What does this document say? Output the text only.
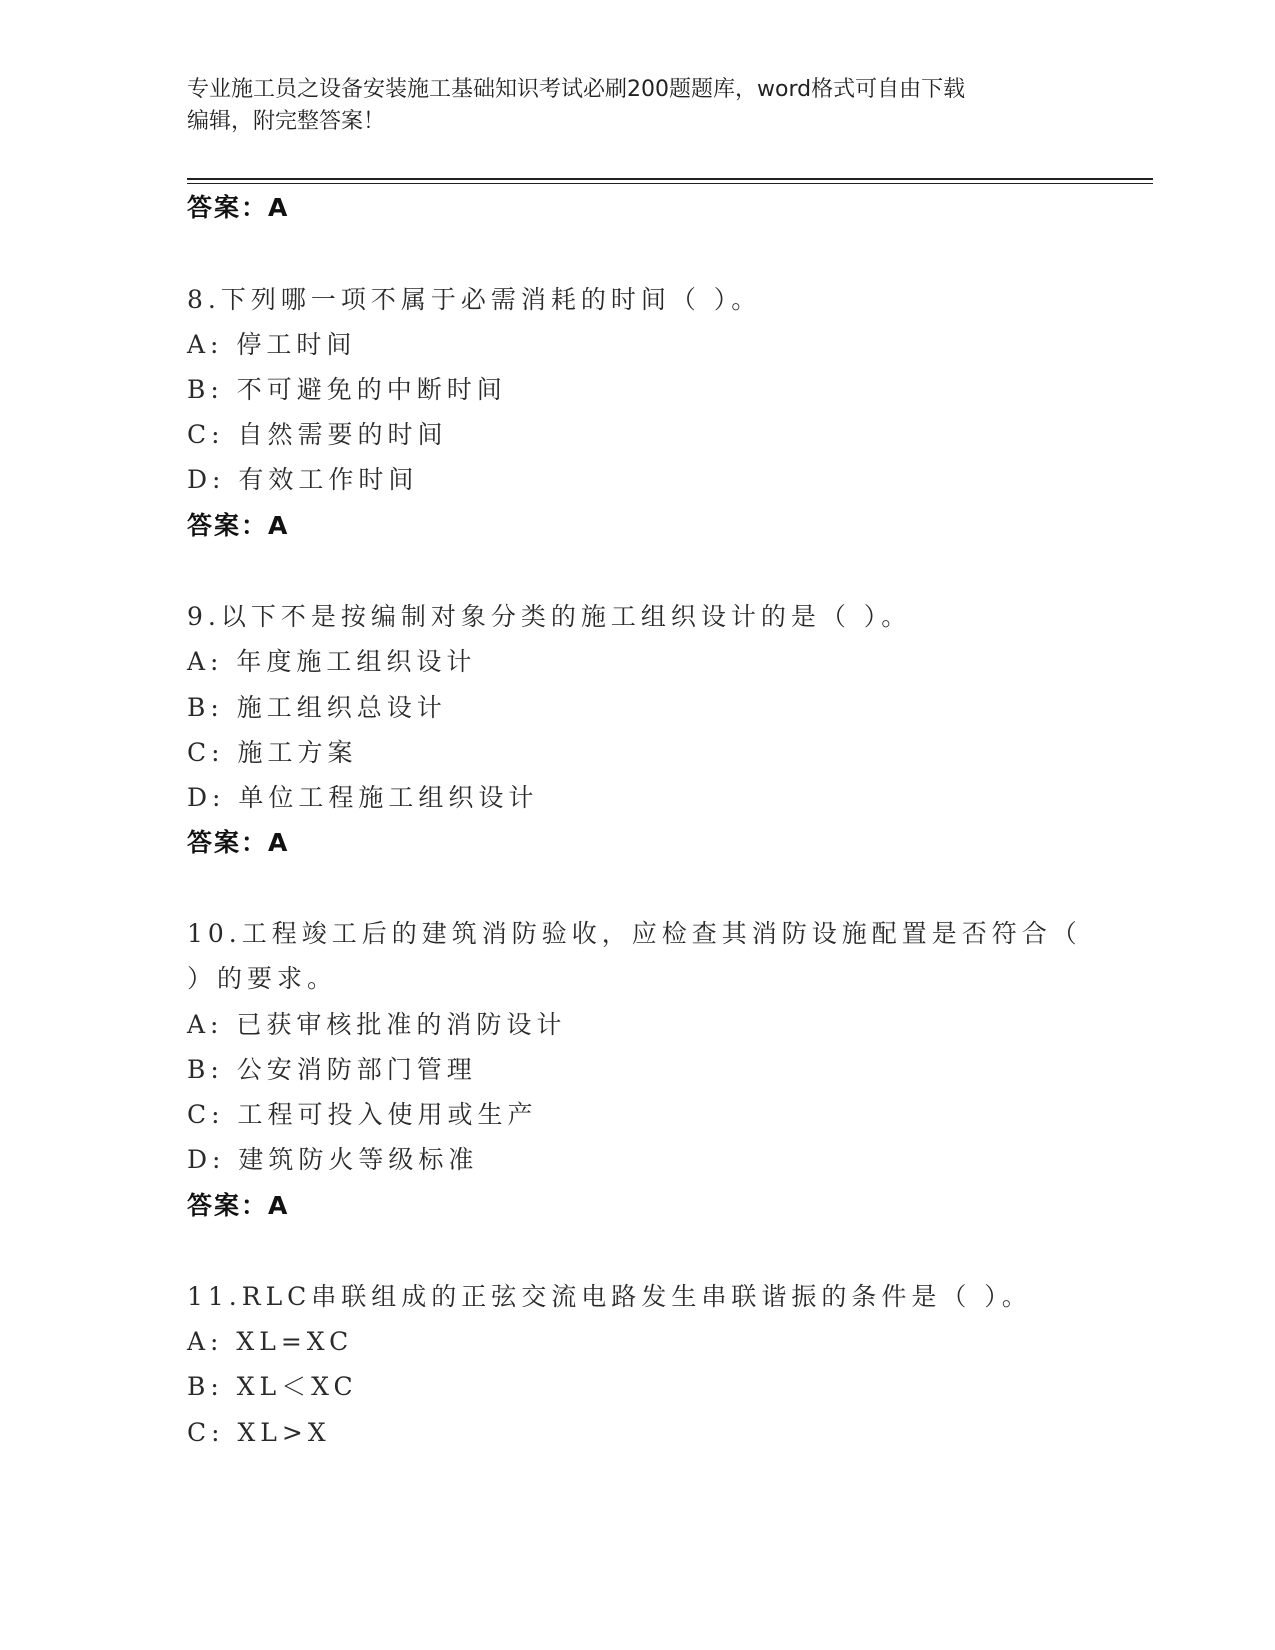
专业施工员之设备安装施工基础知识考试必刷200题题库，word格式可自由下载
编辑，附完整答案！
答案：A
8.下列哪一项不属于必需消耗的时间（ ）。
A: 停工时间
B: 不可避免的中断时间
C: 自然需要的时间
D: 有效工作时间
答案：A
9.以下不是按编制对象分类的施工组织设计的是（ ）。
A: 年度施工组织设计
B: 施工组织总设计
C: 施工方案
D: 单位工程施工组织设计
答案：A
10.工程竣工后的建筑消防验收，应检查其消防设施配置是否符合（
）的要求。
A: 已获审核批准的消防设计
B: 公安消防部门管理
C: 工程可投入使用或生产
D: 建筑防火等级标准
答案：A
11.RLC串联组成的正弦交流电路发生串联谐振的条件是（ ）。
A: XL=XC
B: XL＜XC
C: XL>X
